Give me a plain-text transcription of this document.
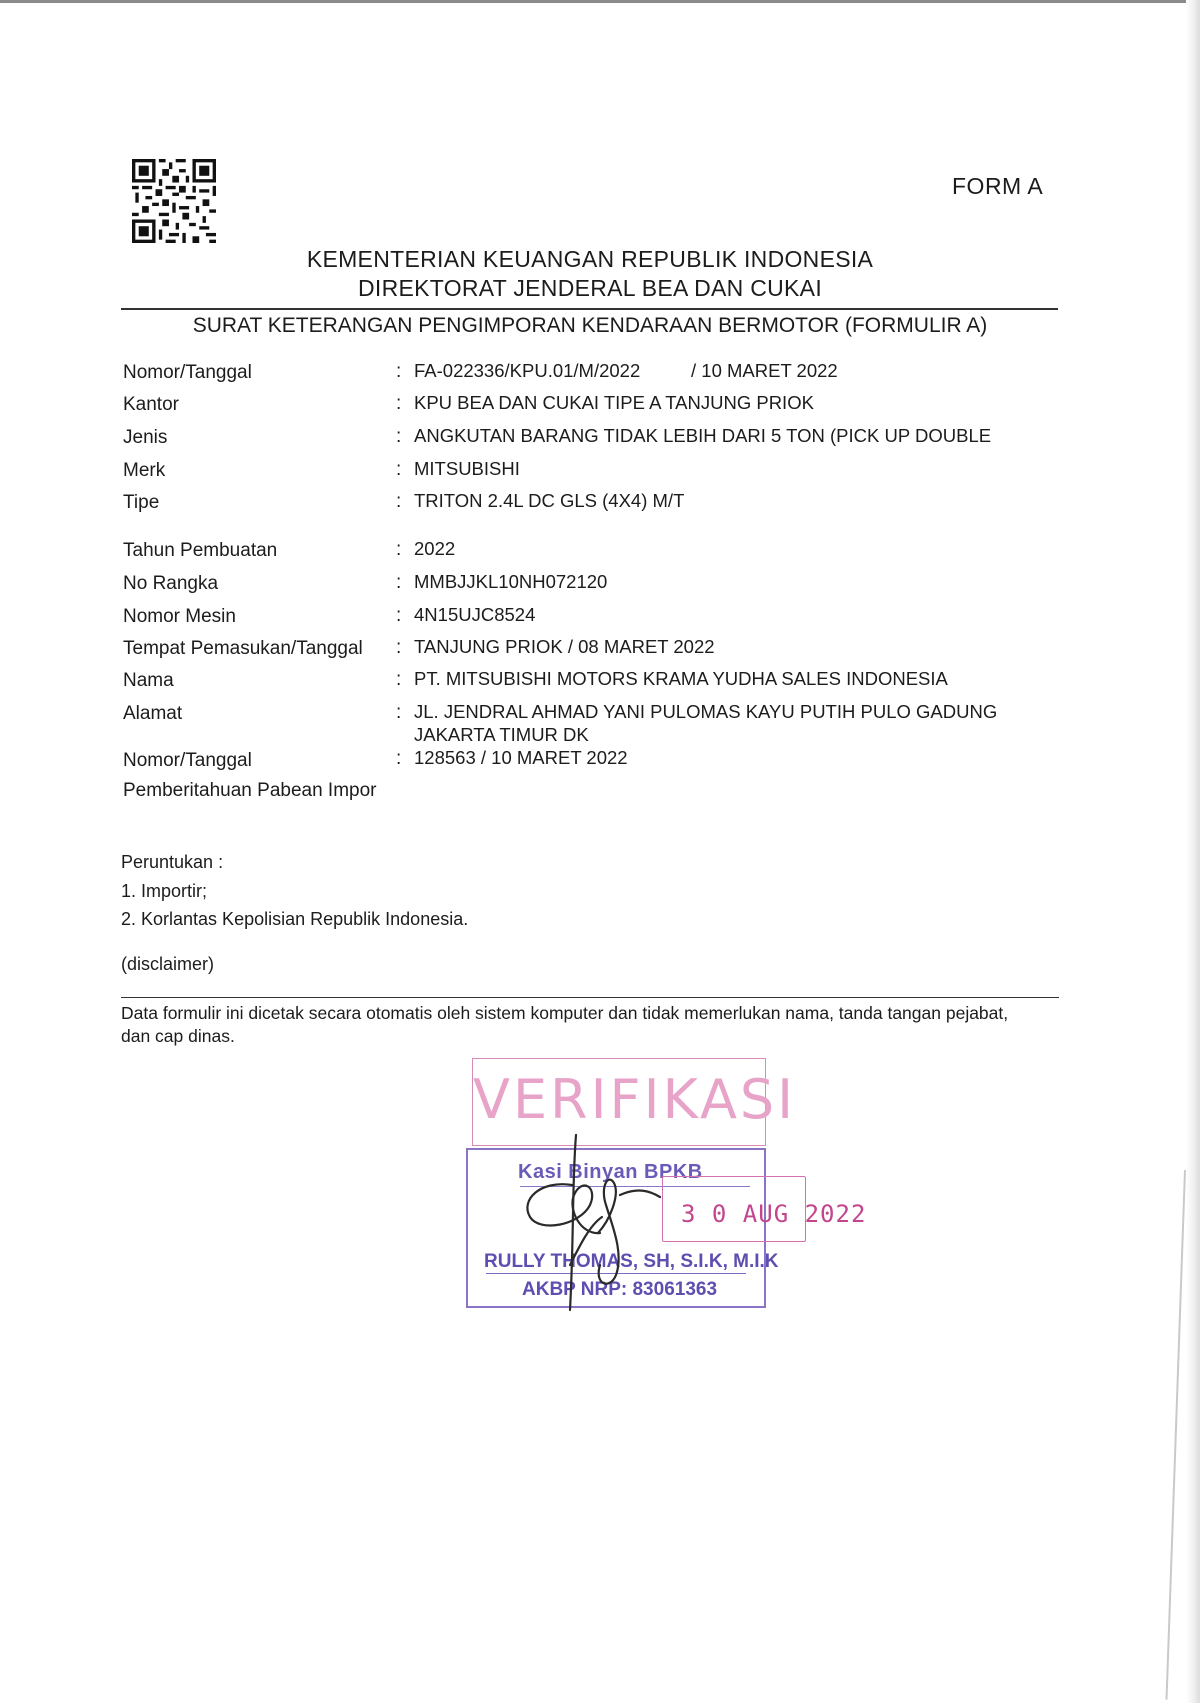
FORM A
KEMENTERIAN KEUANGAN REPUBLIK INDONESIA
DIREKTORAT JENDERAL BEA DAN CUKAI
SURAT KETERANGAN PENGIMPORAN KENDARAAN BERMOTOR (FORMULIR A)
Nomor/Tanggal	: FA-022336/KPU.01/M/2022	/ 10 MARET 2022
Kantor	: KPU BEA DAN CUKAI TIPE A TANJUNG PRIOK
Jenis	: ANGKUTAN BARANG TIDAK LEBIH DARI 5 TON (PICK UP DOUBLE
Merk	: MITSUBISHI
Tipe	: TRITON 2.4L DC GLS (4X4) M/T
Tahun Pembuatan	: 2022
No Rangka	: MMBJJKL10NH072120
Nomor Mesin	: 4N15UJC8524
Tempat Pemasukan/Tanggal : TANJUNG PRIOK / 08 MARET 2022
Nama	: PT. MITSUBISHI MOTORS KRAMA YUDHA SALES INDONESIA
Alamat	: JL. JENDRAL AHMAD YANI PULOMAS KAYU PUTIH PULO GADUNG
JAKARTA TIMUR DK
Nomor/Tanggal
Pemberitahuan Pabean Impor
: 128563 / 10 MARET 2022
Peruntukan :
1. Importir;
2. Korlantas Kepolisian Republik Indonesia.
(disclaimer)
Data formulir ini dicetak secara otomatis oleh sistem komputer dan tidak memerlukan nama, tanda tangan pejabat, dan cap dinas.
VERIFIKASI
Kasi Binyan BPKB
3 0 AUG 2022
RULLY THOMAS, SH, S.I.K, M.I.K
AKBP NRP: 83061363
